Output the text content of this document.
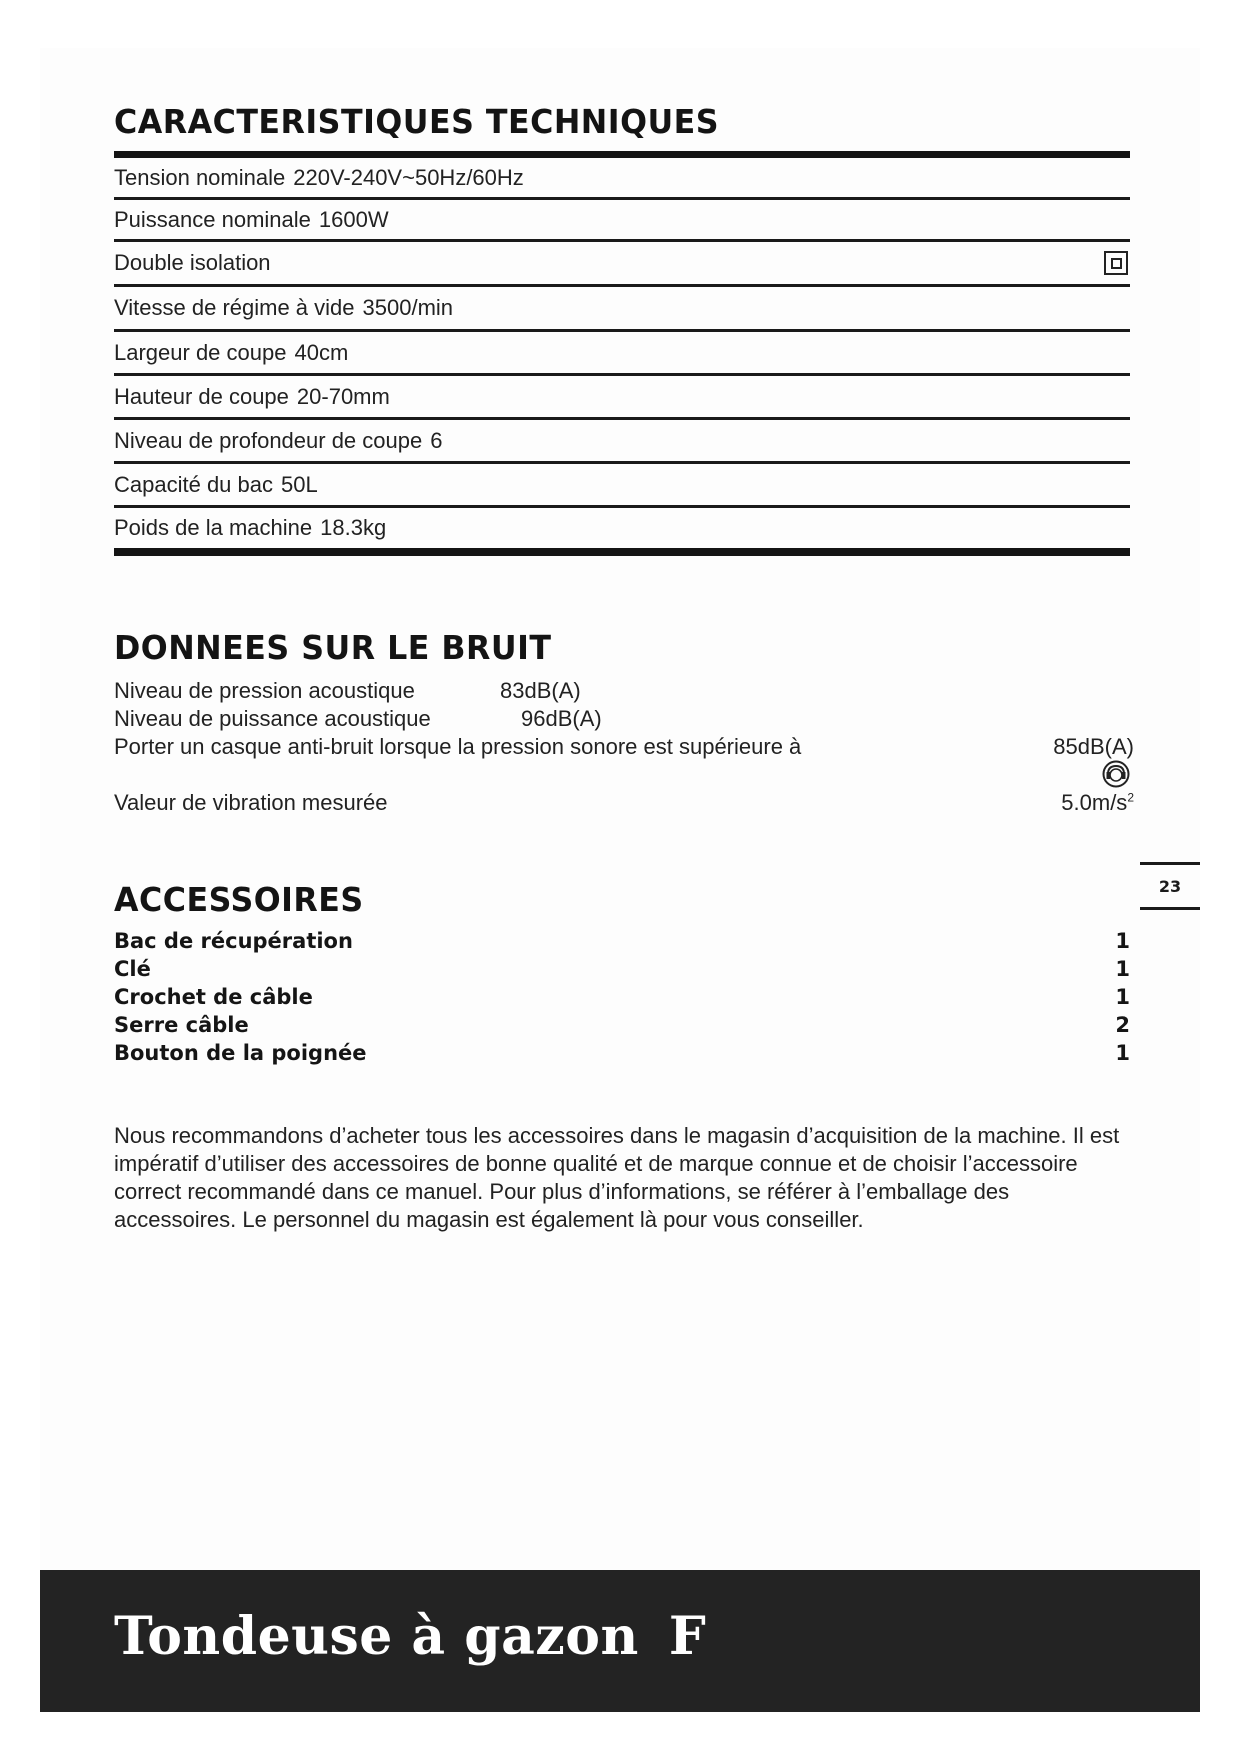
CARACTERISTIQUES TECHNIQUES
Tension nominale 220V-240V~50Hz/60Hz
Puissance nominale 1600W
Double isolation
Vitesse de régime à vide 3500/min
Largeur de coupe 40cm
Hauteur de coupe 20-70mm
Niveau de profondeur de coupe 6
Capacité du bac 50L
Poids de la machine 18.3kg
DONNEES SUR LE BRUIT
Niveau de pression acoustique	83dB(A)
Niveau de puissance acoustique	96dB(A)
Porter un casque anti-bruit lorsque la pression sonore est supérieure à	85dB(A)
Valeur de vibration mesurée	$5.0m/s^2$
ACCESSOIRES
Bac de récupération	1
Clé	1
Crochet de câble	1
Serre câble	2
Bouton de la poignée	1

Nous recommandons d’acheter tous les accessoires dans le magasin d’acquisition de la machine. Il est impératif d’utiliser des accessoires de bonne qualité et de marque connue et de choisir l’accessoire correct recommandé dans ce manuel. Pour plus d’informations, se référer à l’emballage des accessoires. Le personnel du magasin est également là pour vous conseiller.

23
Tondeuse à gazon F
